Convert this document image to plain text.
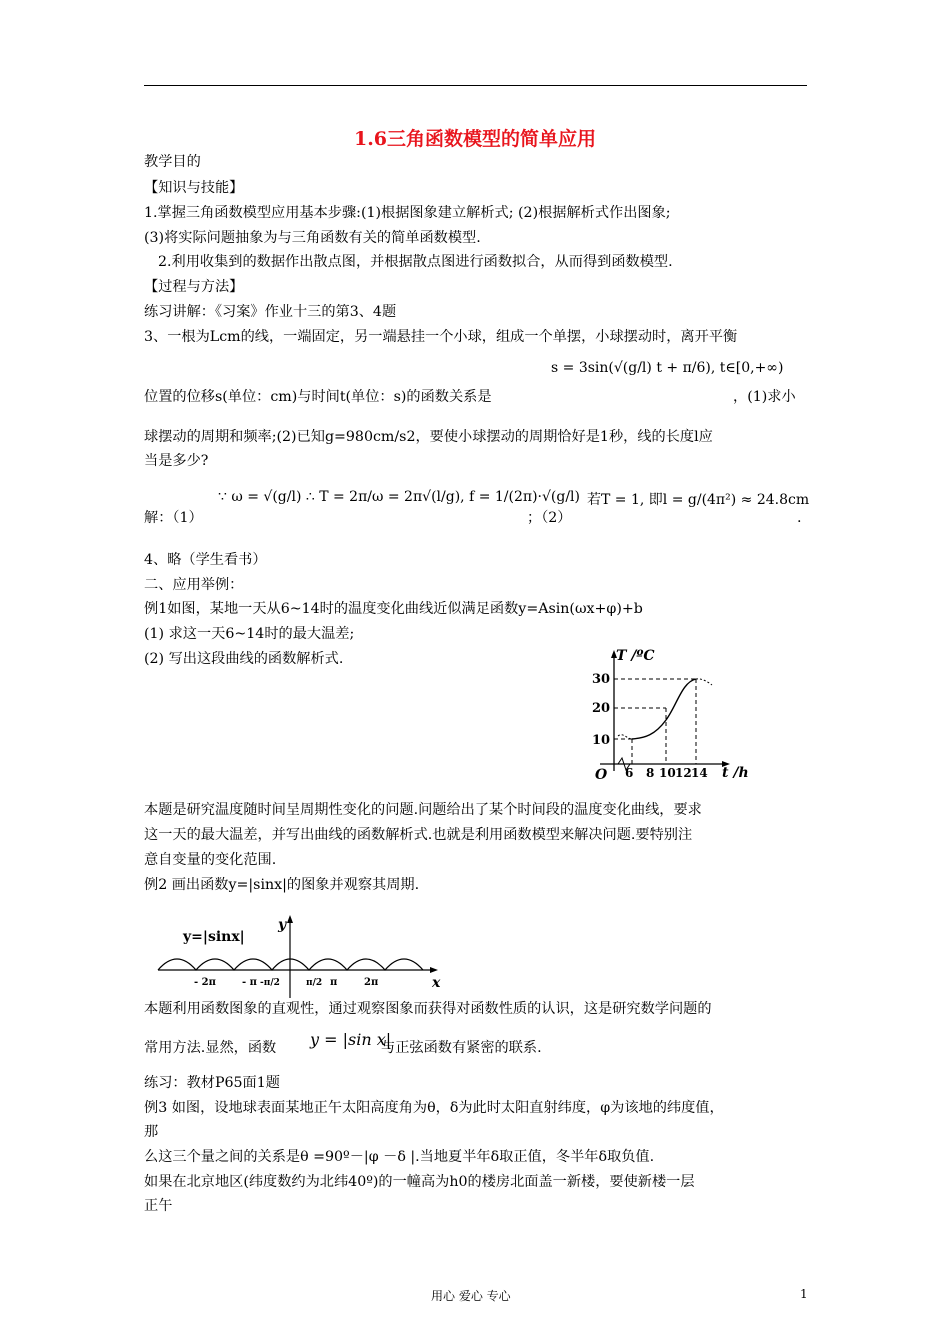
1.6三角函数模型的简单应用
教学目的
【知识与技能】
1.掌握三角函数模型应用基本步骤:(1)根据图象建立解析式; (2)根据解析式作出图象;
(3)将实际问题抽象为与三角函数有关的简单函数模型.
2.利用收集到的数据作出散点图，并根据散点图进行函数拟合，从而得到函数模型.
【过程与方法】
练习讲解：《习案》作业十三的第3、4题
3、一根为Lcm的线，一端固定，另一端悬挂一个小球，组成一个单摆，小球摆动时，离开平衡
s = 3sin(√(g/l) t + π/6), t∈[0,+∞)
位置的位移s(单位：cm)与时间t(单位：s)的函数关系是	，(1)求小
球摆动的周期和频率;(2)已知g=980cm/s2，要使小球摆动的周期恰好是1秒，线的长度l应
当是多少?
∵ ω = √(g/l) ∴ T = 2π/ω = 2π√(l/g), f = 1/(2π)·√(g/l) 若T = 1, 即l = g/(4π²) ≈ 24.8cm
解：（1）	；（2）	.
4、略（学生看书）
二、应用举例：
例1如图，某地一天从6~14时的温度变化曲线近似满足函数y=Asin(ωx+φ)+b
(1) 求这一天6~14时的最大温差;
(2) 写出这段曲线的函数解析式.	T /ºC
t /h
O
30
20
10
6 8 10 12 14
本题是研究温度随时间呈周期性变化的问题.问题给出了某个时间段的温度变化曲线，要求
这一天的最大温差，并写出曲线的函数解析式.也就是利用函数模型来解决问题.要特别注
意自变量的变化范围.
例2 画出函数y=|sinx|的图象并观察其周期.
y=|sinx|
y
x
- 2π	- π -π/2	π/2 π	2π
本题利用函数图象的直观性，通过观察图象而获得对函数性质的认识，这是研究数学问题的
常用方法.显然，函数 y = |sin x|
与正弦函数有紧密的联系.
练习：教材P65面1题
例3 如图，设地球表面某地正午太阳高度角为θ，δ为此时太阳直射纬度，φ为该地的纬度值，
那
么这三个量之间的关系是θ =90º－|φ －δ |.当地夏半年δ取正值，冬半年δ取负值.
如果在北京地区(纬度数约为北纬40º)的一幢高为h0的楼房北面盖一新楼，要使新楼一层
正午
用心 爱心 专心	1
